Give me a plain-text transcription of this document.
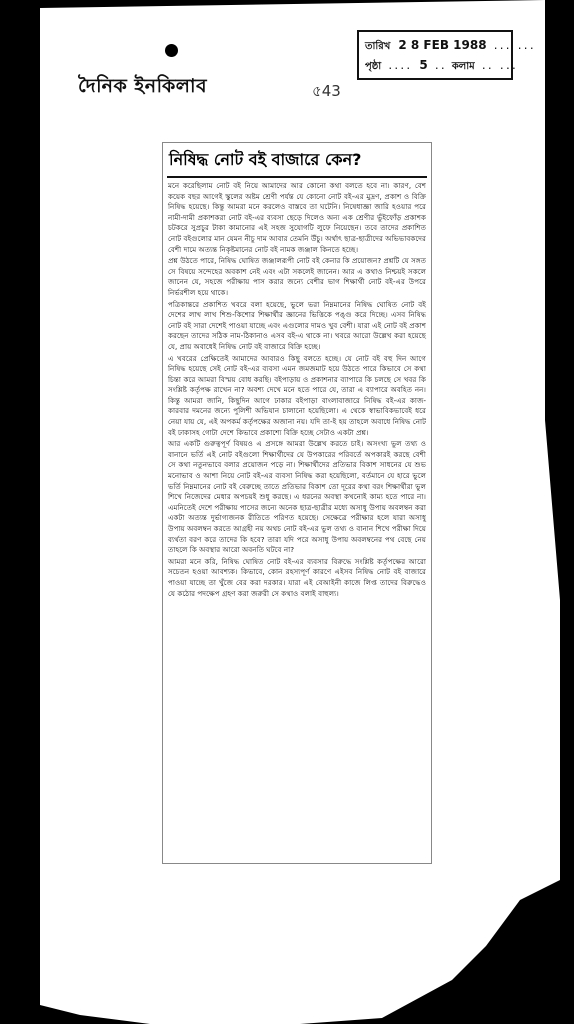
দৈনিক ইনকিলাব	৫43
তারিখ 2 8 FEB 1988 ... ...
পৃষ্ঠা .... 5 .. কলাম .. ...
নিষিদ্ধ নোট বই বাজারে কেন?

মনে করেছিলাম নোট বই নিয়ে আমাদের আর কোনো কথা বলতে হবে না। কারণ, বেশ কয়েক বছর আগেই স্কুলের অষ্টম শ্রেণী পর্যন্ত যে কোনো নোট বই-এর মুদ্রণ, প্রকাশ ও বিক্রি নিষিদ্ধ হয়েছে। কিন্তু আমরা মনে করলেও বাস্তবে তা ঘটেনি। নিষেধাজ্ঞা জারি হওয়ার পরে নামী-দামী প্রকাশকরা নোট বই-এর ব্যবসা ছেড়ে দিলেও অন্য এক শ্রেণীর ভুঁইফোঁড় প্রকাশক চটকরে সুপ্রচুর টাকা কামানোর এই সহজ সুযোগটি লুফে নিয়েছেন। তবে তাদের প্রকাশিত নোট বইগুলোর মান যেমন নীচু দাম আবার তেমনি উঁচু। অর্থাৎ ছাত্র-ছাত্রীদের অভিভাবকদের বেশী দামে অত্যন্ত নিকৃষ্টমানের নোট বই নামক জঞ্জাল কিনতে হচ্ছে।

প্রশ্ন উঠতে পারে, নিষিদ্ধ ঘোষিত জঞ্জালরূপী নোট বই কেনার কি প্রয়োজন? প্রশ্নটি যে সঙ্গত সে বিষয়ে সন্দেহের অবকাশ নেই এবং এটা সকলেই জানেন। আর এ কথাও নিশ্চয়ই সকলে জানেন যে, সহজে পরীক্ষায় পাস করার জন্যে বেশীর ভাগ শিক্ষার্থী নোট বই-এর উপরে নির্ভরশীল হয়ে থাকে।

পত্রিকান্তরে প্রকাশিত খবরে বলা হয়েছে, ভুলে ভরা নিম্নমানের নিষিদ্ধ ঘোষিত নোট বই দেশের লাখ লাখ শিশু-কিশোর শিক্ষার্থীর জ্ঞানের ভিত্তিকে পঙ্গু করে দিচ্ছে। এসব নিষিদ্ধ নোট বই সারা দেশেই পাওয়া যাচ্ছে এবং এগুলোর দামও খুব বেশী। যারা এই নোট বই প্রকাশ করছেন তাদের সঠিক নাম-ঠিকানাও এসব বই-এ থাকে না। খবরে আরো উল্লেখ করা হয়েছে যে, প্রায় অবাধেই নিষিদ্ধ নোট বই বাজারে বিক্রি হচ্ছে।

এ খবরের প্রেক্ষিতেই আমাদের আবারও কিছু বলতে হচ্ছে। যে নোট বই বহু দিন আগে নিষিদ্ধ হয়েছে সেই নোট বই-এর ব্যবসা এমন জমজমাট হয়ে উঠতে পারে কিভাবে সে কথা চিন্তা করে আমরা বিস্ময় বোধ করছি। বইপাড়ায় ও প্রকাশনার ব্যাপারে কি চলছে সে খবর কি সংশ্লিষ্ট কর্তৃপক্ষ রাখেন না? অবশ্য দেখে মনে হতে পারে যে, তারা এ ব্যাপারে অবহিত নন। কিন্তু আমরা জানি, কিছুদিন আগে ঢাকার বইপাড়া বাংলাবাজারে নিষিদ্ধ বই-এর কাজ-কারবার দমনের জন্যে পুলিশী অভিযান চালানো হয়েছিলো। এ থেকে স্বাভাবিকভাবেই ধরে নেয়া যায় যে, এই অপকর্ম কর্তৃপক্ষের অজানা নয়। যদি তা-ই হয় তাহলে অবাধে নিষিদ্ধ নোট বই ঢাকাসহ গোটা দেশে কিভাবে প্রকাশ্যে বিক্রি হচ্ছে সেটাও একটা প্রশ্ন।

আর একটি গুরুত্বপূর্ণ বিষয়ও এ প্রসঙ্গে আমরা উল্লেখ করতে চাই। অসংখ্য ভুল তথ্য ও বানানে ভর্তি এই নোট বইগুলো শিক্ষার্থীদের যে উপকারের পরিবর্তে অপকারই করছে বেশী সে কথা নতুনভাবে বলার প্রয়োজন পড়ে না। শিক্ষার্থীদের প্রতিভার বিকাশ সাধনের যে শুভ মনোভাব ও আশা নিয়ে নোট বই-এর ব্যবসা নিষিদ্ধ করা হয়েছিলো, বর্তমানে যে হারে ভুলে ভর্তি নিম্নমানের নোট বই বেরুচ্ছে তাতে প্রতিভার বিকাশ তো দূরের কথা বরং শিক্ষার্থীরা ভুল শিখে নিজেদের মেধার অপচয়ই শুধু করছে। এ ধরনের অবস্থা কখনোই কাম্য হতে পারে না। এমনিতেই দেশে পরীক্ষায় পাসের জন্যে অনেক ছাত্র-ছাত্রীর মধ্যে অসাধু উপায় অবলম্বন করা একটা অত্যন্ত দুর্ভাগ্যজনক রীতিতে পরিণত হয়েছে। সেক্ষেত্রে পরীক্ষার হলে যারা অসাধু উপায় অবলম্বন করতে আগ্রহী নয় অথচ নোট বই-এর ভুল তথ্য ও বানান শিখে পরীক্ষা দিয়ে ব্যর্থতা বরণ করে তাদের কি হবে? তারা যদি পরে অসাধু উপায় অবলম্বনের পথ বেছে নেয় তাহলে কি অবস্থার আরো অবনতি ঘটবে না?

আমরা মনে করি, নিষিদ্ধ ঘোষিত নোট বই-এর ব্যবসার বিরুদ্ধে সংশ্লিষ্ট কর্তৃপক্ষের আরো সচেতন হওয়া আবশ্যক। কিভাবে, কোন রহস্যপূর্ণ কারণে এইসব নিষিদ্ধ নোট বই বাজারে পাওয়া যাচ্ছে তা খুঁজে বের করা দরকার। যারা এই বেআইনী কাজে লিপ্ত তাদের বিরুদ্ধেও যে কঠোর পদক্ষেপ গ্রহণ করা জরুরী সে কথাও বলাই বাহুল্য।
